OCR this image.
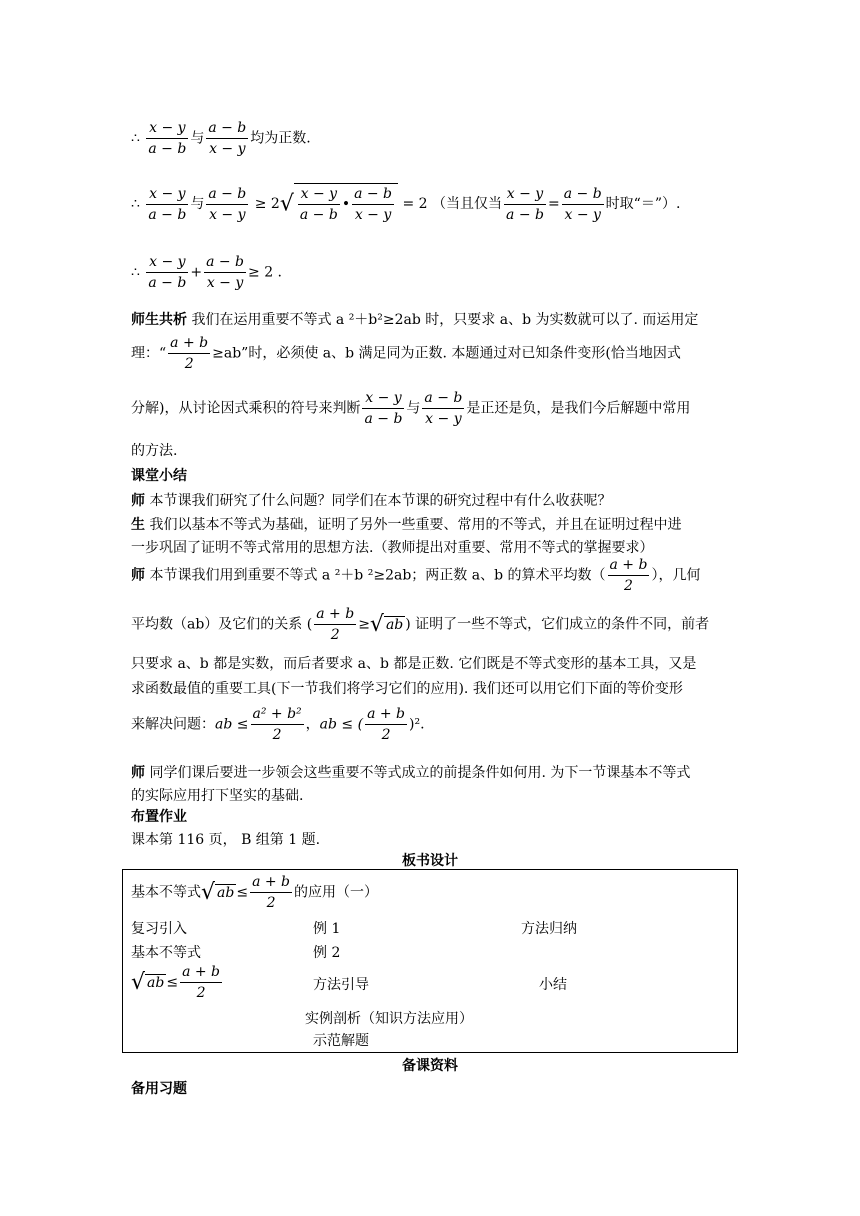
∴ $\frac{x - y}{a - b}$ 与 $\frac{a - b}{x - y}$ 均为正数.
∴ $\frac{x - y}{a - b}$ 与 $\frac{a - b}{x - y} \ge 2√ \frac{x - y}{a - b}$ • $\frac{a - b}{x - y} = 2$ （当且仅当 $\frac{x - y}{a - b} = \frac{a - b}{x - y}$ 时取“＝”）.
∴ $\frac{x - y}{a - b} + \frac{a - b}{x - y} \ge 2$ .
师生共析 我们在运用重要不等式 a ²＋b²≥2ab 时，只要求 a、b 为实数就可以了. 而运用定
理：“ $\frac{a + b}{2} \ge ab$”时，必须使 a、b 满足同为正数. 本题通过对已知条件变形(恰当地因式
分解)，从讨论因式乘积的符号来判断 $\frac{x - y}{a - b}$ 与 $\frac{a - b}{x - y}$ 是正还是负，是我们今后解题中常用
的方法.
课堂小结
师 本节课我们研究了什么问题？同学们在本节课的研究过程中有什么收获呢？
生 我们以基本不等式为基础，证明了另外一些重要、常用的不等式，并且在证明过程中进
一步巩固了证明不等式常用的思想方法.（教师提出对重要、常用不等式的掌握要求）
师 本节课我们用到重要不等式 a ²＋b ²≥2ab；两正数 a、b 的算术平均数（ $\frac{a + b}{2}$ ），几何
平均数（ab）及它们的关系 ( $\frac{a + b}{2}$ ≥√ ab ) 证明了一些不等式，它们成立的条件不同，前者
只要求 a、b 都是实数，而后者要求 a、b 都是正数. 它们既是不等式变形的基本工具，又是
求函数最值的重要工具(下一节我们将学习它们的应用). 我们还可以用它们下面的等价变形
来解决问题：ab ≤ $\frac{\text{a² + b²}}{2}$ ，ab ≤ ( $\frac{a + b}{2} )^2$.
师 同学们课后要进一步领会这些重要不等式成立的前提条件如何用. 为下一节课基本不等式
的实际应用打下坚实的基础.
布置作业
课本第 116 页， B 组第 1 题.
板书设计
基本不等式√ ab ≤ $\frac{a + b}{2}$ 的应用（一）
复习引入	例 1	方法归纳
基本不等式	例 2
√ ab ≤ $\frac{a + b}{2}$	方法引导	小结
实例剖析（知识方法应用）
示范解题
备课资料
备用习题
